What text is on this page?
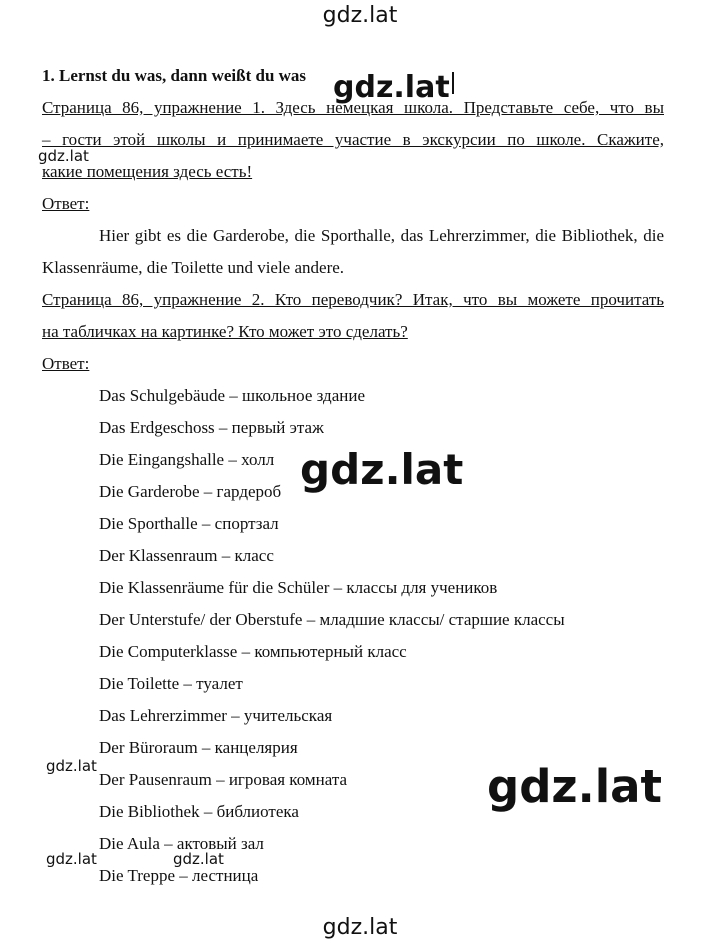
1. Lernst du was, dann weißt du was
Страница 86, упражнение 1. Здесь немецкая школа. Представьте себе, что вы
– гости этой школы и принимаете участие в экскурсии по школе. Скажите,
какие помещения здесь есть!
Ответ:
Hier gibt es die Garderobe, die Sporthalle, das Lehrerzimmer, die Bibliothek, die Klassenräume, die Toilette und viele andere.
Страница 86, упражнение 2. Кто переводчик? Итак, что вы можете прочитать
на табличках на картинке? Кто может это сделать?
Ответ:
Das Schulgebäude – школьное здание
Das Erdgeschoss – первый этаж
Die Eingangshalle – холл
Die Garderobe – гардероб
Die Sporthalle – спортзал
Der Klassenraum – класс
Die Klassenräume für die Schüler – классы для учеников
Der Unterstufe/ der Oberstufe – младшие классы/ старшие классы
Die Computerklasse – компьютерный класс
Die Toilette – туалет
Das Lehrerzimmer – учительская
Der Büroraum – канцелярия
Der Pausenraum – игровая комната
Die Bibliothek – библиотека
Die Aula – актовый зал
Die Treppe – лестница
gdz.lat
gdz.lat
gdz.lat
gdz.lat
gdz.lat	gdz.lat
gdz.lat	gdz.lat
gdz.lat
